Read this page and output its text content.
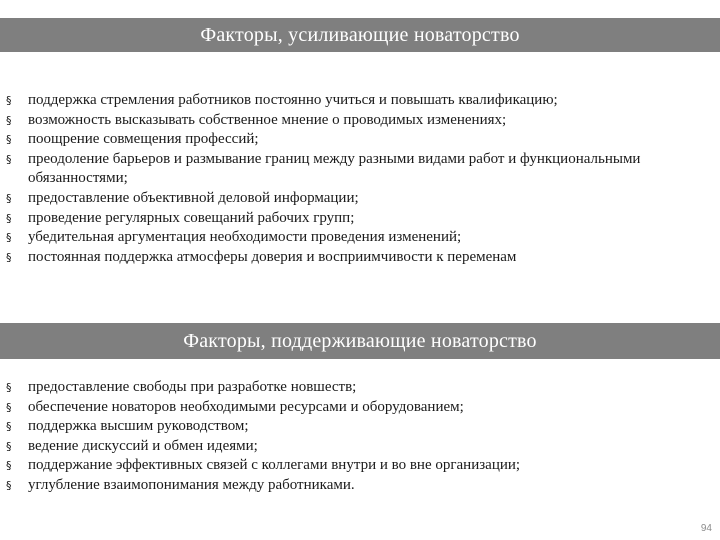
Факторы, усиливающие новаторство
§ поддержка стремления работников постоянно учиться и повышать квалификацию;
§ возможность высказывать собственное мнение о проводимых изменениях;
§ поощрение совмещения профессий;
§ преодоление барьеров и размывание границ между разными видами работ и функциональными обязанностями;
§ предоставление объективной деловой информации;
§ проведение регулярных совещаний рабочих групп;
§ убедительная аргументация необходимости проведения изменений;
§ постоянная поддержка атмосферы доверия и восприимчивости к переменам
Факторы, поддерживающие новаторство
§ предоставление свободы при разработке новшеств;
§ обеспечение новаторов необходимыми ресурсами и оборудованием;
§ поддержка высшим руководством;
§ ведение дискуссий и обмен идеями;
§ поддержание эффективных связей с коллегами внутри и во вне организации;
§ углубление взаимопонимания между работниками.
94
